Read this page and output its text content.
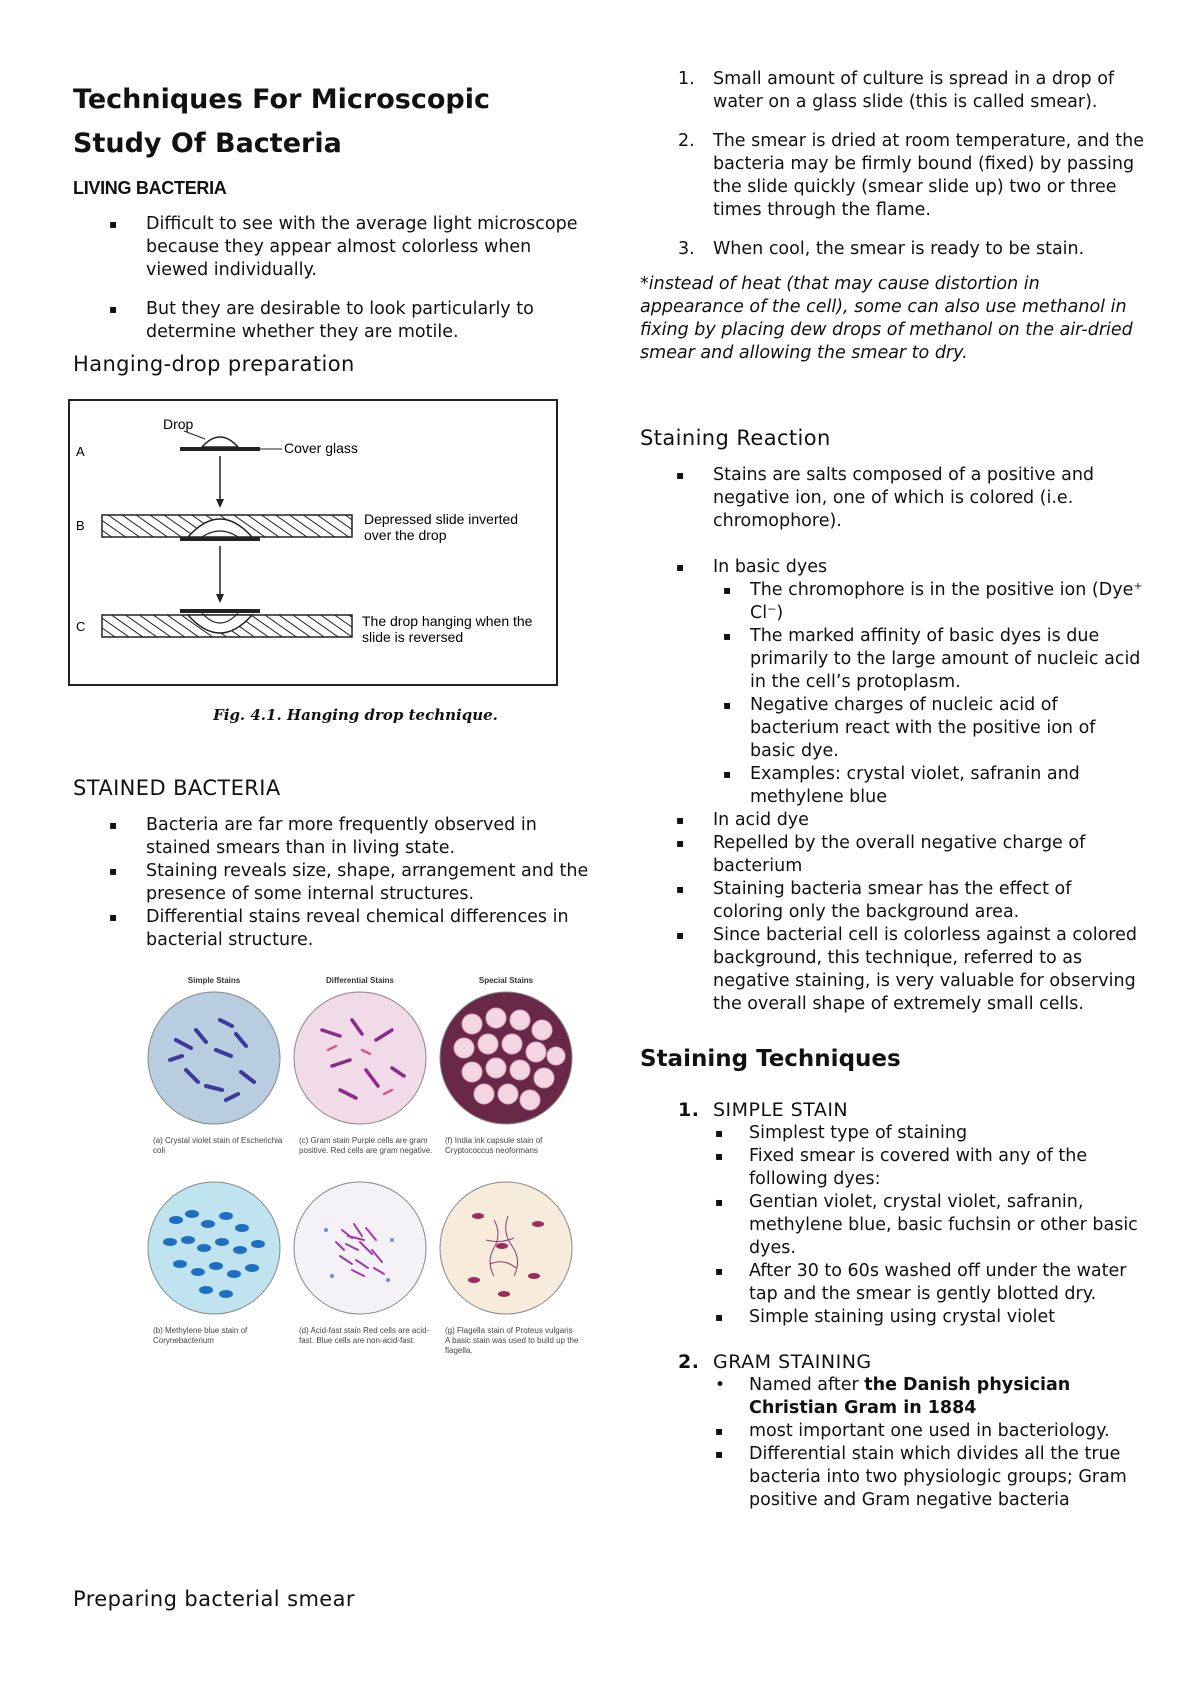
Techniques For Microscopic
Study Of Bacteria
LIVING BACTERIA
▪ Difficult to see with the average light microscope because they appear almost colorless when viewed individually.
▪ But they are desirable to look particularly to determine whether they are motile.
Hanging-drop preparation
A
Drop
Cover glass
B	Depressed slide inverted
over the drop
C	The drop hanging when the
slide is reversed
Fig. 4.1. Hanging drop technique.
STAINED BACTERIA
▪ Bacteria are far more frequently observed in stained smears than in living state.
▪ Staining reveals size, shape, arrangement and the presence of some internal structures.
▪ Differential stains reveal chemical differences in bacterial structure.
Simple Stains
(a) Crystal violet stain of Escherichia coli
Differential Stains
(c) Gram stain Purple cells are gram positive. Red cells are gram negative.
Special Stains
(f) India ink capsule stain of Cryptococcus neoformans
(b) Methylene blue stain of Corynebacterium
(d) Acid-fast stain Red cells are acid-fast. Blue cells are non-acid-fast.
(g) Flagella stain of Proteus vulgaris A basic stain was used to build up the flagella.
Preparing bacterial smear
1. Small amount of culture is spread in a drop of water on a glass slide (this is called smear).
2. The smear is dried at room temperature, and the bacteria may be firmly bound (fixed) by passing the slide quickly (smear slide up) two or three times through the flame.
3. When cool, the smear is ready to be stain.
*instead of heat (that may cause distortion in appearance of the cell), some can also use methanol in fixing by placing dew drops of methanol on the air-dried smear and allowing the smear to dry.
Staining Reaction
▪ Stains are salts composed of a positive and negative ion, one of which is colored (i.e. chromophore).
▪ In basic dyes
▪ The chromophore is in the positive ion (Dye⁺ Cl⁻)
▪ The marked affinity of basic dyes is due primarily to the large amount of nucleic acid in the cell’s protoplasm.
▪ Negative charges of nucleic acid of bacterium react with the positive ion of basic dye.
▪ Examples: crystal violet, safranin and methylene blue
▪ In acid dye
▪ Repelled by the overall negative charge of bacterium
▪ Staining bacteria smear has the effect of coloring only the background area.
▪ Since bacterial cell is colorless against a colored background, this technique, referred to as negative staining, is very valuable for observing the overall shape of extremely small cells.
Staining Techniques
1. SIMPLE STAIN
▪ Simplest type of staining
▪ Fixed smear is covered with any of the following dyes:
▪ Gentian violet, crystal violet, safranin, methylene blue, basic fuchsin or other basic dyes.
▪ After 30 to 60s washed off under the water tap and the smear is gently blotted dry.
▪ Simple staining using crystal violet
2. GRAM STAINING
• Named after the Danish physician Christian Gram in 1884
▪ most important one used in bacteriology.
▪ Differential stain which divides all the true bacteria into two physiologic groups; Gram positive and Gram negative bacteria
